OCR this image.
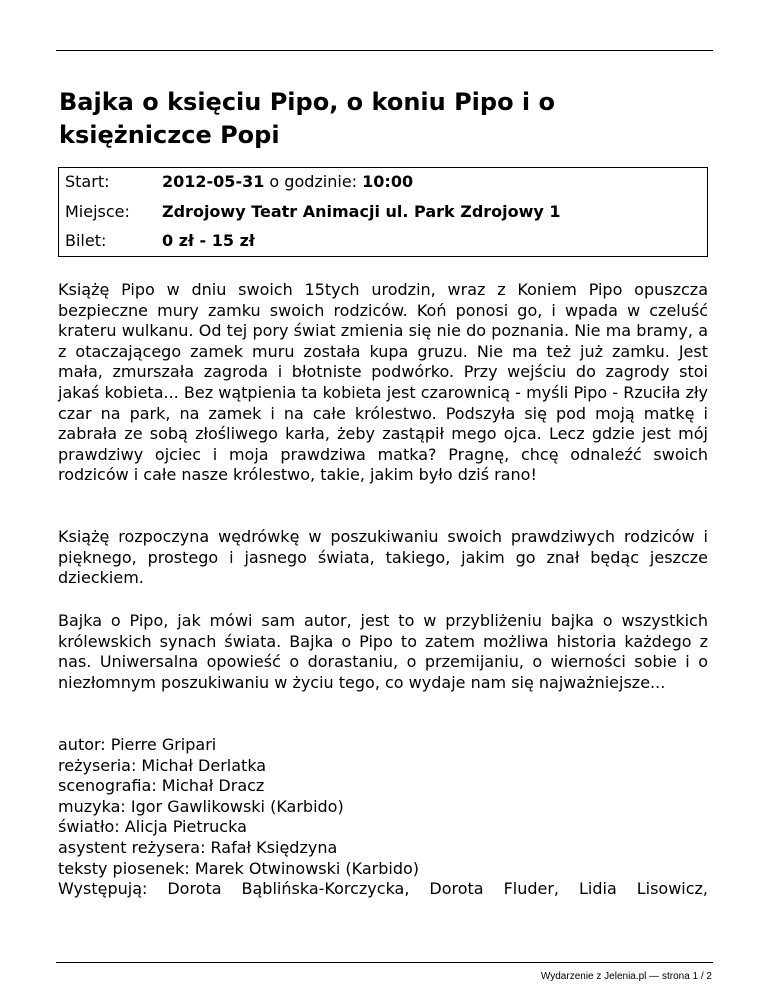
Bajka o księciu Pipo, o koniu Pipo i o księżniczce Popi
Start:	2012-05-31 o godzinie: 10:00
Miejsce: Zdrojowy Teatr Animacji ul. Park Zdrojowy 1
Bilet:	0 zł - 15 zł

Książę Pipo w dniu swoich 15tych urodzin, wraz z Koniem Pipo opuszcza bezpieczne mury zamku swoich rodziców. Koń ponosi go, i wpada w czeluść krateru wulkanu. Od tej pory świat zmienia się nie do poznania. Nie ma bramy, a z otaczającego zamek muru została kupa gruzu. Nie ma też już zamku. Jest mała, zmurszała zagroda i błotniste podwórko. Przy wejściu do zagrody stoi jakaś kobieta... Bez wątpienia ta kobieta jest czarownicą - myśli Pipo - Rzuciła zły czar na park, na zamek i na całe królestwo. Podszyła się pod moją matkę i zabrała ze sobą złośliwego karła, żeby zastąpił mego ojca. Lecz gdzie jest mój prawdziwy ojciec i moja prawdziwa matka? Pragnę, chcę odnaleźć swoich rodziców i całe nasze królestwo, takie, jakim było dziś rano!

Książę rozpoczyna wędrówkę w poszukiwaniu swoich prawdziwych rodziców i pięknego, prostego i jasnego świata, takiego, jakim go znał będąc jeszcze dzieckiem.

Bajka o Pipo, jak mówi sam autor, jest to w przybliżeniu bajka o wszystkich królewskich synach świata. Bajka o Pipo to zatem możliwa historia każdego z nas. Uniwersalna opowieść o dorastaniu, o przemijaniu, o wierności sobie i o niezłomnym poszukiwaniu w życiu tego, co wydaje nam się najważniejsze...

autor: Pierre Gripari
reżyseria: Michał Derlatka
scenografia: Michał Dracz
muzyka: Igor Gawlikowski (Karbido)
światło: Alicja Pietrucka
asystent reżysera: Rafał Księdzyna
teksty piosenek: Marek Otwinowski (Karbido)
Występują: Dorota Bąblińska-Korczycka, Dorota Fluder, Lidia Lisowicz,
Wydarzenie z Jelenia.pl — strona 1 / 2
